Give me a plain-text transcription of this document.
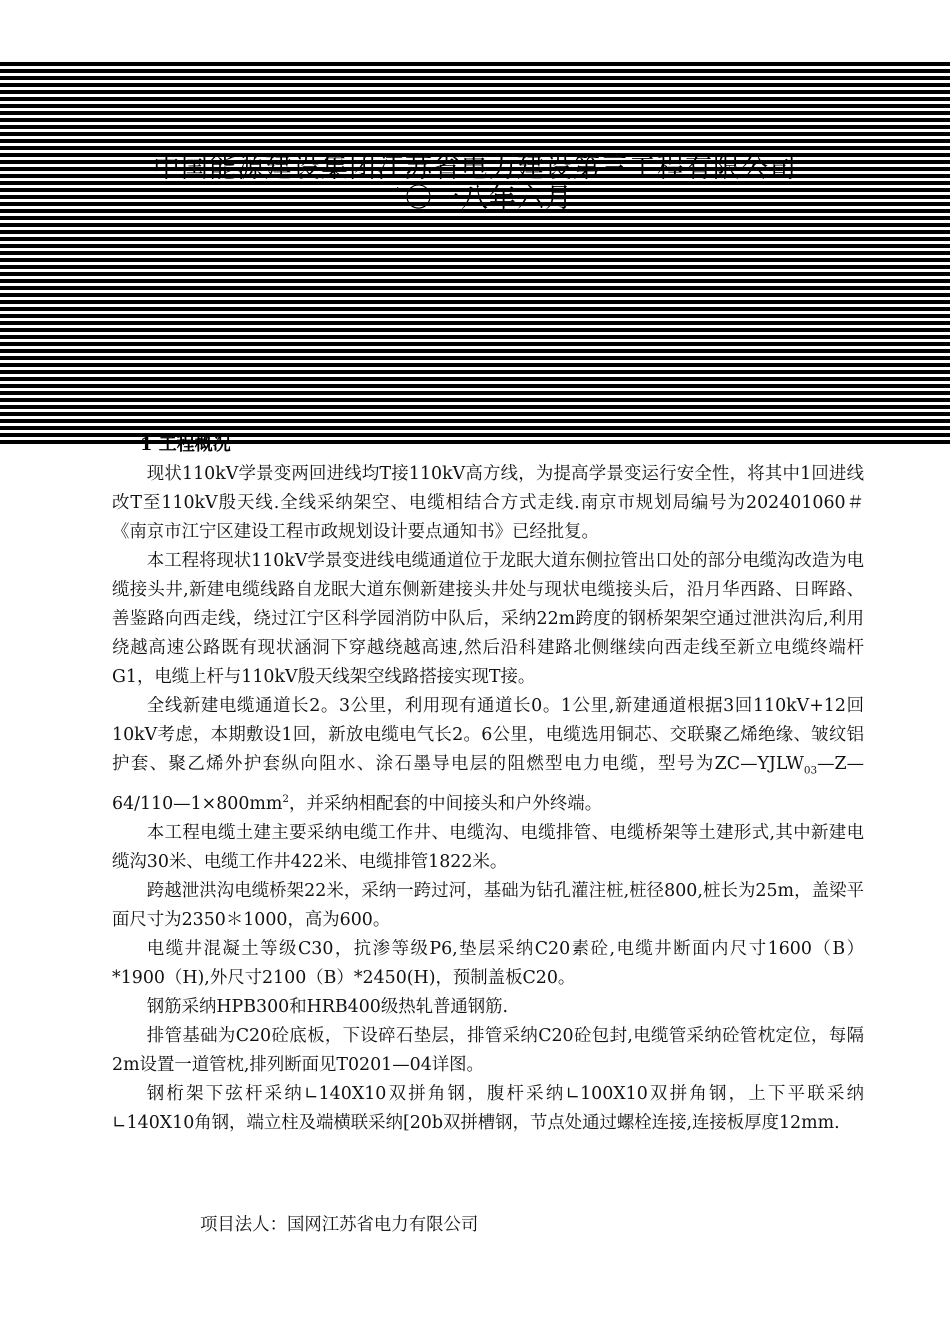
中国能源建设集团江苏省电力建设第三工程有限公司
二〇一八年六月
1 工程概况

现状110kV学景变两回进线均T接110kV高方线，为提高学景变运行安全性，将其中1回进线改T至110kV殷天线.全线采纳架空、电缆相结合方式走线.南京市规划局编号为202401060＃《南京市江宁区建设工程市政规划设计要点通知书》已经批复。

本工程将现状110kV学景变进线电缆通道位于龙眠大道东侧拉管出口处的部分电缆沟改造为电缆接头井,新建电缆线路自龙眠大道东侧新建接头井处与现状电缆接头后，沿月华西路、日晖路、善鉴路向西走线，绕过江宁区科学园消防中队后，采纳22m跨度的钢桥架架空通过泄洪沟后,利用绕越高速公路既有现状涵洞下穿越绕越高速,然后沿科建路北侧继续向西走线至新立电缆终端杆G1，电缆上杆与110kV殷天线架空线路搭接实现T接。

全线新建电缆通道长2。3公里，利用现有通道长0。1公里,新建通道根据3回110kV+12回10kV考虑，本期敷设1回，新放电缆电气长2。6公里，电缆选用铜芯、交联聚乙烯绝缘、皱纹铝护套、聚乙烯外护套纵向阻水、涂石墨导电层的阻燃型电力电缆，型号为$ZC—YJLW_{03}—Z—64/110—1\times 800mm^2$，并采纳相配套的中间接头和户外终端。

本工程电缆土建主要采纳电缆工作井、电缆沟、电缆排管、电缆桥架等土建形式,其中新建电缆沟30米、电缆工作井422米、电缆排管1822米。

跨越泄洪沟电缆桥架22米，采纳一跨过河，基础为钻孔灌注桩,桩径800,桩长为25m，盖梁平面尺寸为2350＊1000，高为600。

电缆井混凝土等级C30，抗渗等级P6,垫层采纳C20素砼,电缆井断面内尺寸1600（B）*1900（H),外尺寸2100（B）*2450(H)，预制盖板C20。

钢筋采纳HPB300和HRB400级热轧普通钢筋.

排管基础为C20砼底板，下设碎石垫层，排管采纳C20砼包封,电缆管采纳砼管枕定位，每隔2m设置一道管枕,排列断面见T0201—04详图。

钢桁架下弦杆采纳∟140X10双拼角钢，腹杆采纳∟100X10双拼角钢，上下平联采纳∟140X10角钢，端立柱及端横联采纳[20b双拼槽钢，节点处通过螺栓连接,连接板厚度12mm.

项目法人：国网江苏省电力有限公司
